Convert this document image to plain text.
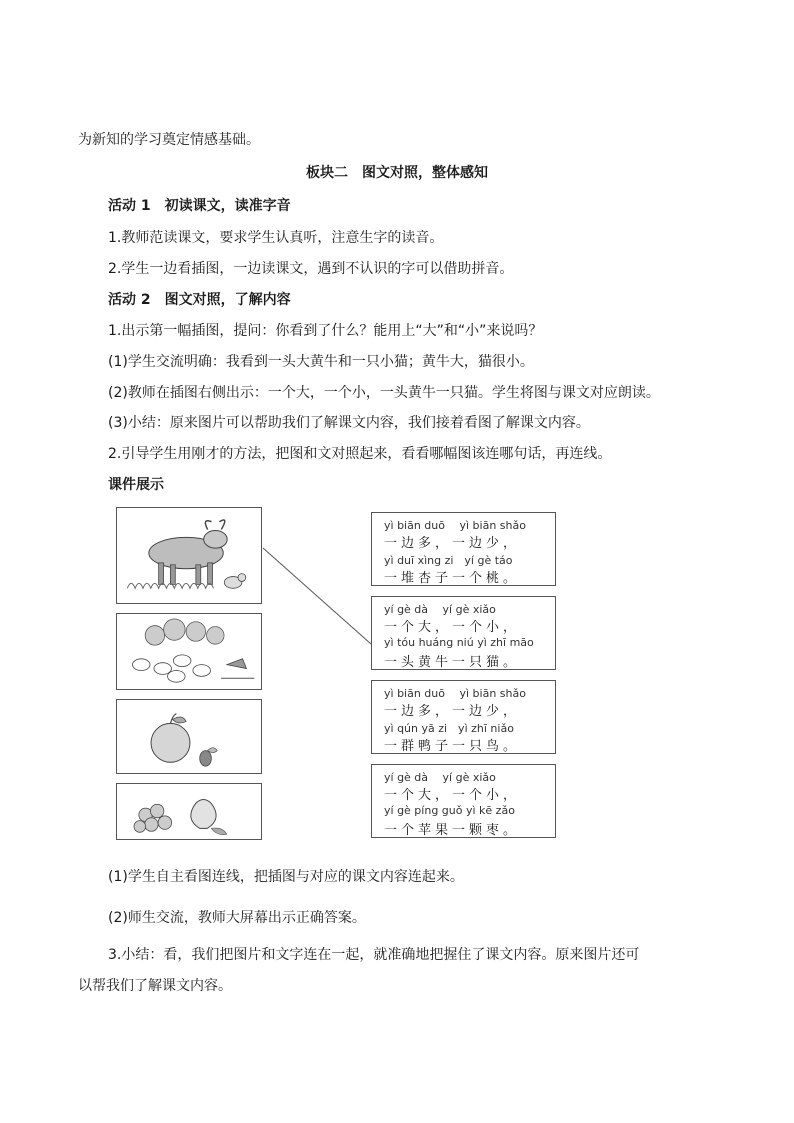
为新知的学习奠定情感基础。
板块二　图文对照，整体感知
活动 1　初读课文，读准字音
1.教师范读课文，要求学生认真听，注意生字的读音。
2.学生一边看插图，一边读课文，遇到不认识的字可以借助拼音。
活动 2　图文对照，了解内容
1.出示第一幅插图，提问：你看到了什么？能用上“大”和“小”来说吗？
(1)学生交流明确：我看到一头大黄牛和一只小猫；黄牛大，猫很小。
(2)教师在插图右侧出示：一个大，一个小，一头黄牛一只猫。学生将图与课文对应朗读。
(3)小结：原来图片可以帮助我们了解课文内容，我们接着看图了解课文内容。
2.引导学生用刚才的方法，把图和文对照起来，看看哪幅图该连哪句话，再连线。
课件展示
yì biān duō　 yì biān shǎo
一边多，一边少，
yì duī xìng zi　yí gè táo
一堆杏子一个桃。
yí gè dà　 yí gè xiǎo
一个大，一个小，
yì tóu huáng niú yì zhī māo
一头黄牛一只猫。
yì biān duō　 yì biān shǎo
一边多，一边少，
yì qún yā zi　yì zhī niǎo
一群鸭子一只鸟。
yí gè dà　 yí gè xiǎo
一个大，一个小，
yí gè píng guǒ yì kē zǎo
一个苹果一颗枣。
(1)学生自主看图连线，把插图与对应的课文内容连起来。
(2)师生交流，教师大屏幕出示正确答案。
3.小结：看，我们把图片和文字连在一起，就准确地把握住了课文内容。原来图片还可
以帮我们了解课文内容。
